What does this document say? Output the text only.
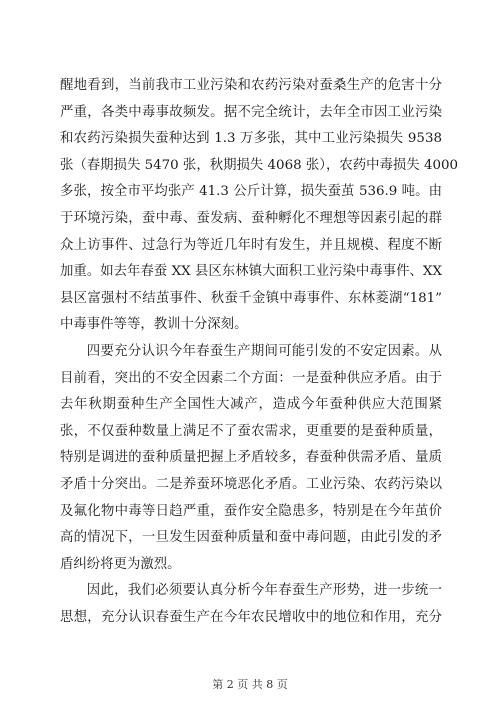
醒地看到，当前我市工业污染和农药污染对蚕桑生产的危害十分
严重，各类中毒事故频发。据不完全统计，去年全市因工业污染
和农药污染损失蚕种达到 1.3 万多张，其中工业污染损失 9538
张（春期损失 5470 张，秋期损失 4068 张），农药中毒损失 4000
多张，按全市平均张产 41.3 公斤计算，损失蚕茧 536.9 吨。由
于环境污染，蚕中毒、蚕发病、蚕种孵化不理想等因素引起的群
众上访事件、过急行为等近几年时有发生，并且规模、程度不断
加重。如去年春蚕 XX 县区东林镇大面积工业污染中毒事件、XX
县区富强村不结茧事件、秋蚕千金镇中毒事件、东林菱湖“181”
中毒事件等等，教训十分深刻。

四要充分认识今年春蚕生产期间可能引发的不安定因素。从
目前看，突出的不安全因素二个方面：一是蚕种供应矛盾。由于
去年秋期蚕种生产全国性大减产，造成今年蚕种供应大范围紧
张，不仅蚕种数量上满足不了蚕农需求，更重要的是蚕种质量，
特别是调进的蚕种质量把握上矛盾较多，春蚕种供需矛盾、量质
矛盾十分突出。二是养蚕环境恶化矛盾。工业污染、农药污染以
及氟化物中毒等日趋严重，蚕作安全隐患多，特别是在今年茧价
高的情况下，一旦发生因蚕种质量和蚕中毒问题，由此引发的矛
盾纠纷将更为激烈。

因此，我们必须要认真分析今年春蚕生产形势，进一步统一
思想，充分认识春蚕生产在今年农民增收中的地位和作用，充分

第 2 页 共 8 页
